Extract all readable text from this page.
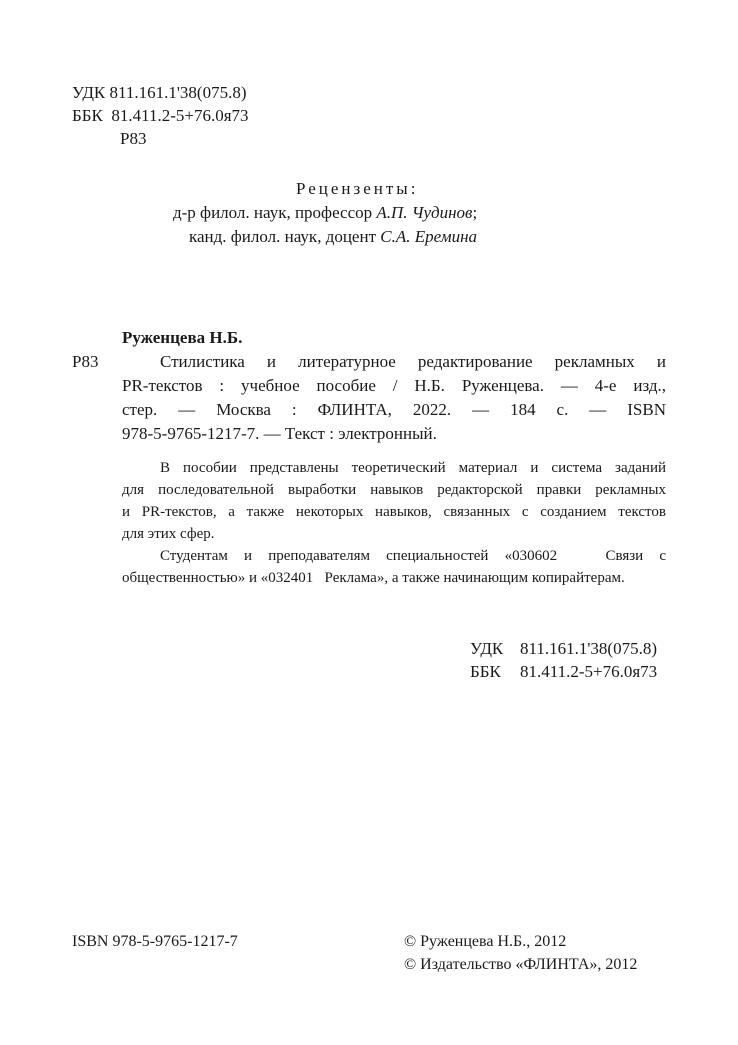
УДК 811.161.1'38(075.8)
ББК  81.411.2-5+76.0я73
Р83
Рецензенты:
д-р филол. наук, профессор А.П. Чудинов;
канд. филол. наук, доцент С.А. Еремина
Руженцева Н.Б.
Р83	Стилистика и литературное редактирование рекламных и
PR-текстов : учебное пособие / Н.Б. Руженцева. — 4-е изд.,
стер. — Москва : ФЛИНТА, 2022. — 184 с. — ISBN
978-5-9765-1217-7. — Текст : электронный.
В пособии представлены теоретический материал и система заданий
для последовательной выработки навыков редакторской правки рекламных
и PR-текстов, а также некоторых навыков, связанных с созданием текстов
для этих сфер.
Студентам и преподавателям специальностей «030602   Связи с
общественностью» и «032401   Реклама», а также начинающим копирайтерам.
УДК 811.161.1'38(075.8)
ББК 81.411.2-5+76.0я73
ISBN 978-5-9765-1217-7	© Руженцева Н.Б., 2012
© Издательство «ФЛИНТА», 2012
